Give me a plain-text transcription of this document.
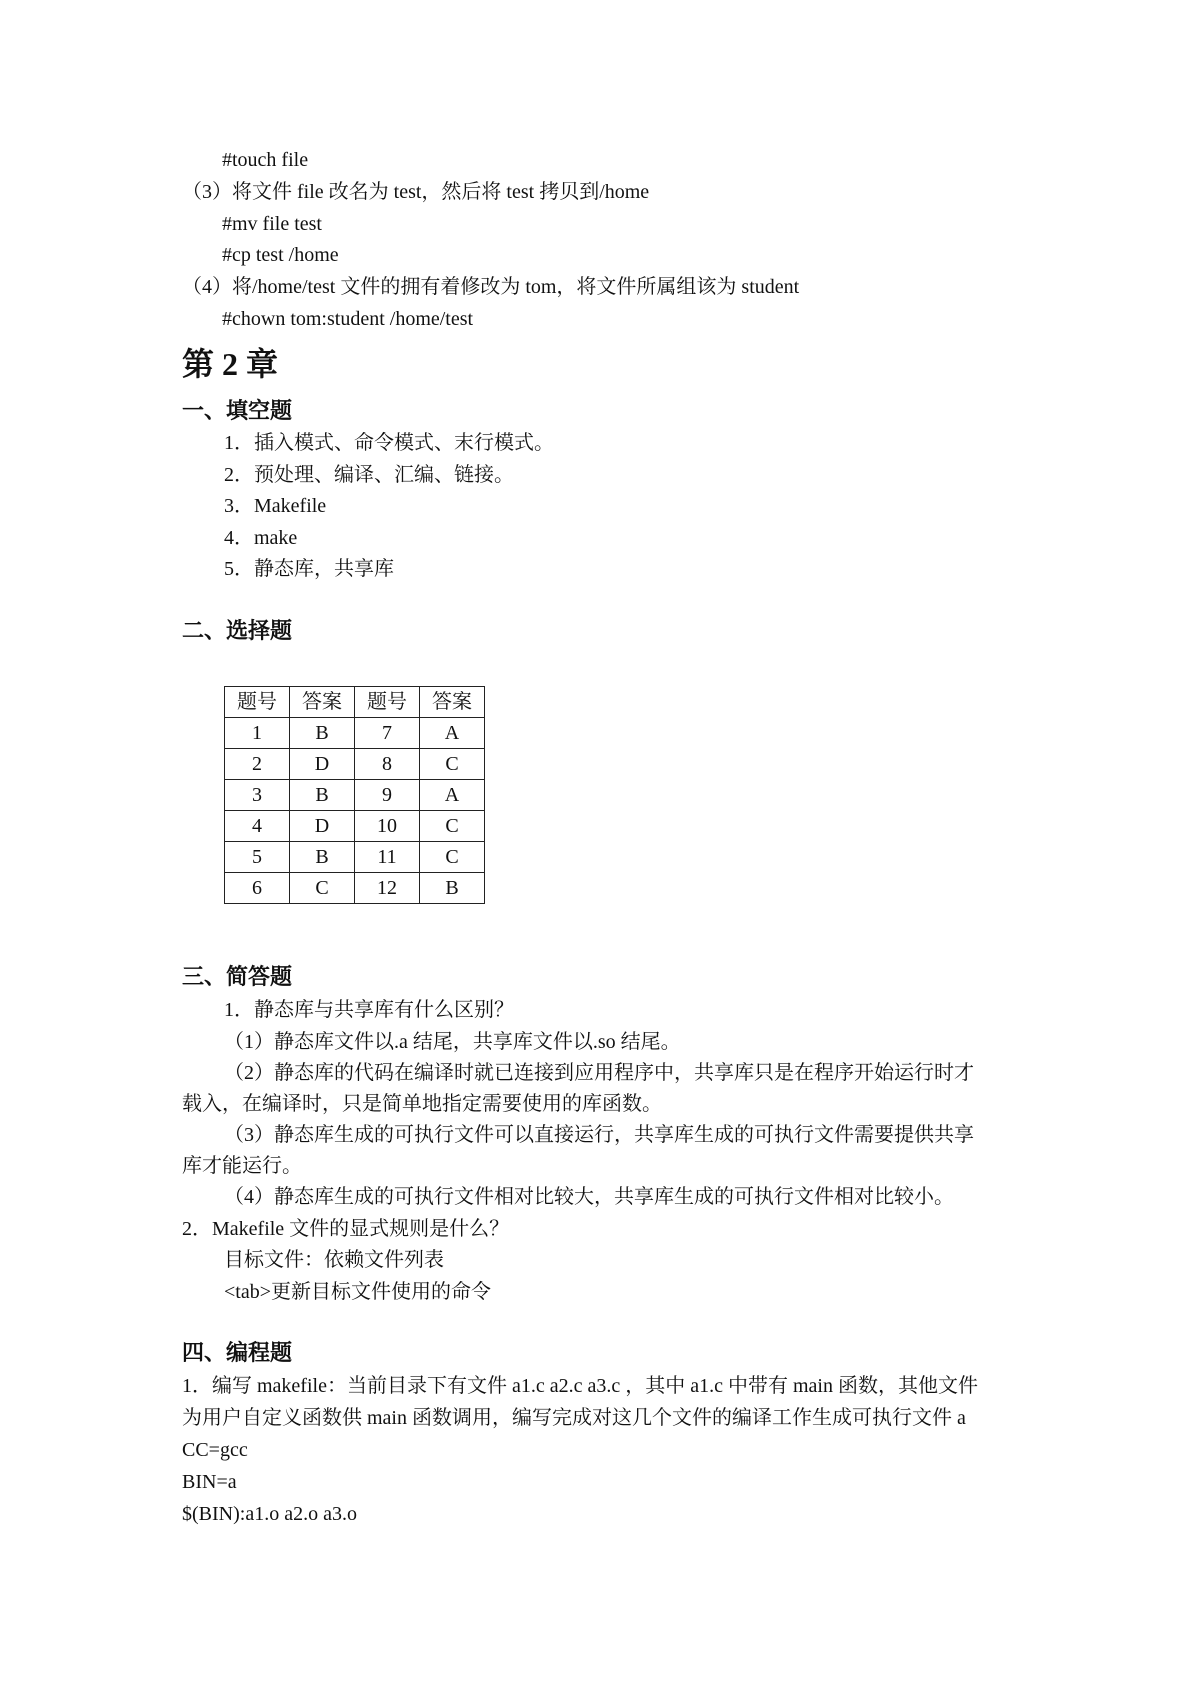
#touch file
（3）将文件 file 改名为 test，然后将 test 拷贝到/home
#mv file test
#cp test /home
（4）将/home/test 文件的拥有着修改为 tom，将文件所属组该为 student
#chown tom:student /home/test
第 2 章
一、填空题
1．插入模式、命令模式、末行模式。
2．预处理、编译、汇编、链接。
3．Makefile
4．make
5．静态库，共享库
二、选择题
题号	答案	题号	答案
1	B	7	A
2	D	8	C
3	B	9	A
4	D	10	C
5	B	11	C
6	C	12	B
三、简答题
1．静态库与共享库有什么区别？
（1）静态库文件以.a 结尾，共享库文件以.so 结尾。
（2）静态库的代码在编译时就已连接到应用程序中，共享库只是在程序开始运行时才
载入，在编译时，只是简单地指定需要使用的库函数。
（3）静态库生成的可执行文件可以直接运行，共享库生成的可执行文件需要提供共享
库才能运行。
（4）静态库生成的可执行文件相对比较大，共享库生成的可执行文件相对比较小。
2．Makefile 文件的显式规则是什么？
目标文件：依赖文件列表
<tab>更新目标文件使用的命令
四、编程题
1．编写 makefile：当前目录下有文件 a1.c a2.c a3.c ，其中 a1.c 中带有 main 函数，其他文件
为用户自定义函数供 main 函数调用，编写完成对这几个文件的编译工作生成可执行文件 a
CC=gcc
BIN=a
$(BIN):a1.o a2.o a3.o
